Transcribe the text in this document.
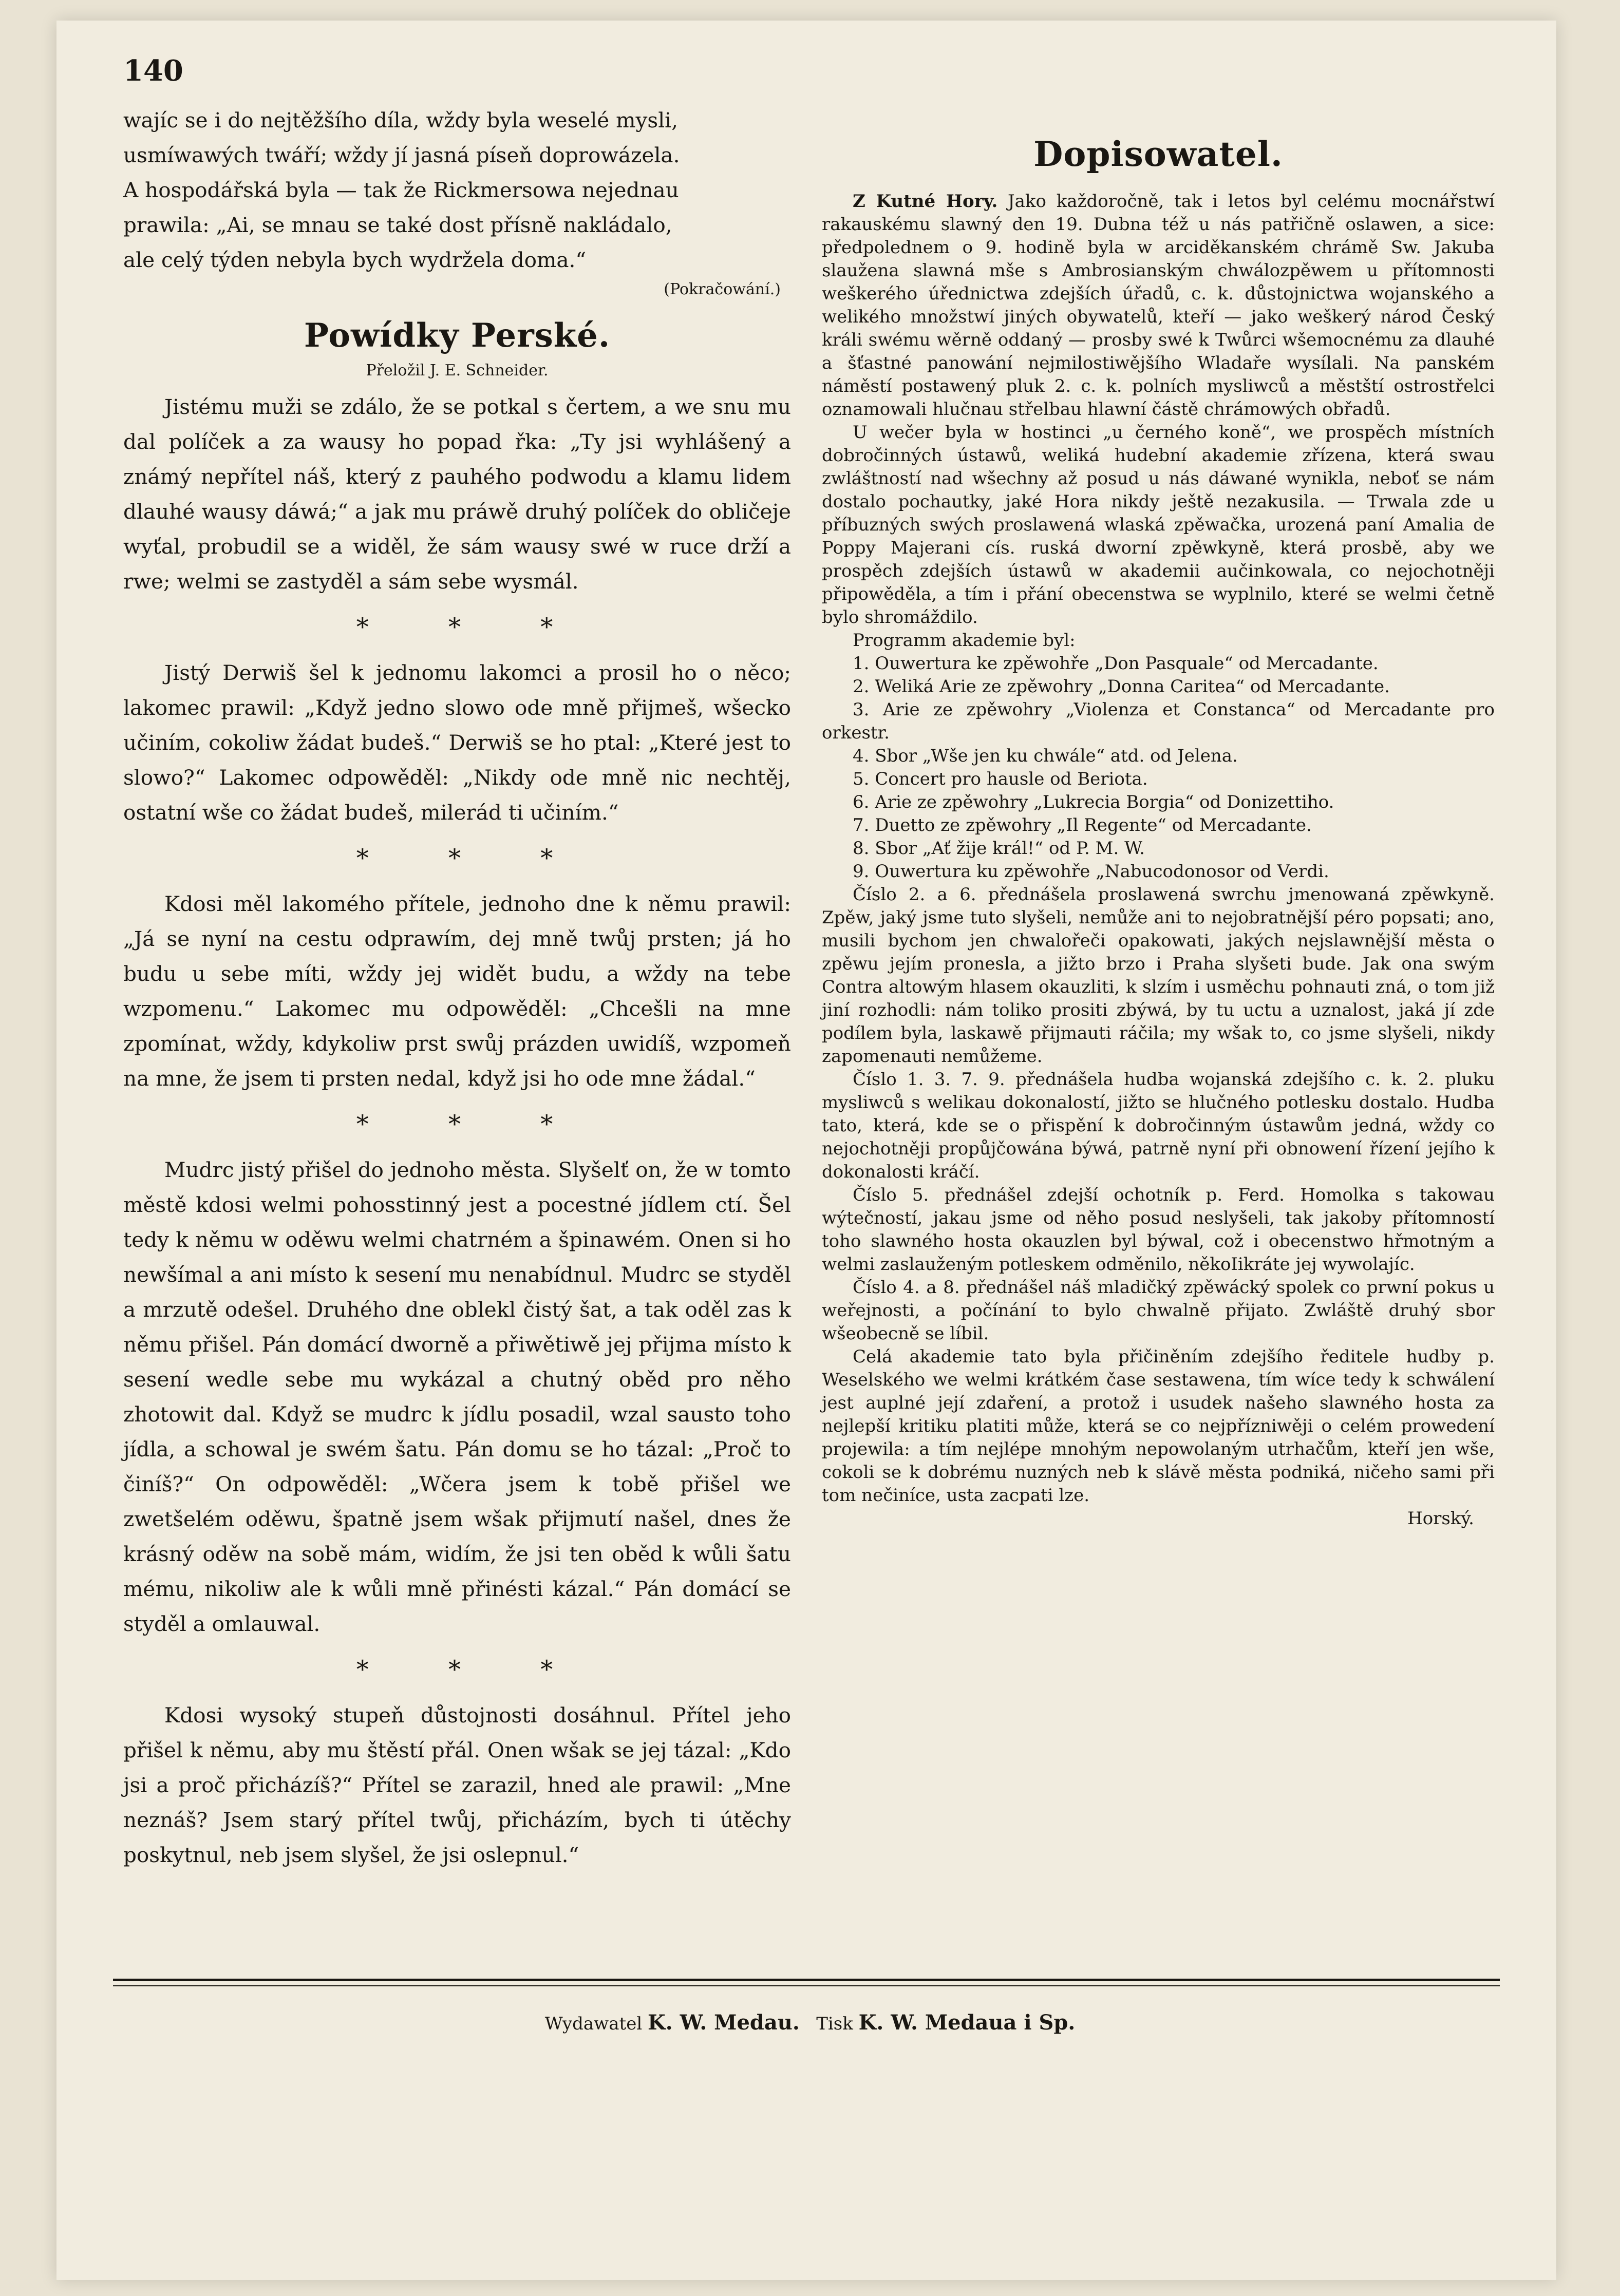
140

wajíc se i do nejtěžšího díla, wždy byla weselé mysli,

usmíwawých twáří; wždy jí jasná píseň doprowázela.

A hospodářská byla — tak že Rickmersowa nejednau

prawila: „Ai, se mnau se také dost přísně nakládalo,

ale celý týden nebyla bych wydržela doma.“

(Pokračowání.)
Powídky Perské.
Přeložil J. E. Schneider.

Jistému muži se zdálo, že se potkal s čertem, a we snu mu dal políček a za wausy ho popad řka: „Ty jsi wyhlášený a známý nepřítel náš, který z pauhého podwodu a klamu lidem dlauhé wausy dáwá;“ a jak mu práwě druhý políček do obličeje wyťal, probudil se a widěl, že sám wausy swé w ruce drží a rwe; welmi se zastyděl a sám sebe wysmál.

* * *

Jistý Derwiš šel k jednomu lakomci a prosil ho o něco; lakomec prawil: „Když jedno slowo ode mně přijmeš, wšecko učiním, cokoliw žádat budeš.“ Derwiš se ho ptal: „Které jest to slowo?“ Lakomec odpowěděl: „Nikdy ode mně nic nechtěj, ostatní wše co žádat budeš, milerád ti učiním.“

* * *

Kdosi měl lakomého přítele, jednoho dne k němu prawil: „Já se nyní na cestu odprawím, dej mně twůj prsten; já ho budu u sebe míti, wždy jej widět budu, a wždy na tebe wzpomenu.“ Lakomec mu odpowěděl: „Chcešli na mne zpomínat, wždy, kdykoliw prst swůj prázden uwidíš, wzpomeň na mne, že jsem ti prsten nedal, když jsi ho ode mne žádal.“

* * *

Mudrc jistý přišel do jednoho města. Slyšelť on, že w tomto městě kdosi welmi pohosstinný jest a pocestné jídlem ctí. Šel tedy k němu w oděwu welmi chatrném a špinawém. Onen si ho newšímal a ani místo k sesení mu nenabídnul. Mudrc se styděl a mrzutě odešel. Druhého dne oblekl čistý šat, a tak oděl zas k němu přišel. Pán domácí dworně a přiwětiwě jej přijma místo k sesení wedle sebe mu wykázal a chutný oběd pro něho zhotowit dal. Když se mudrc k jídlu posadil, wzal sausto toho jídla, a schowal je swém šatu. Pán domu se ho tázal: „Proč to činíš?“ On odpowěděl: „Wčera jsem k tobě přišel we zwetšelém oděwu, špatně jsem wšak přijmutí našel, dnes že krásný oděw na sobě mám, widím, že jsi ten oběd k wůli šatu mému, nikoliw ale k wůli mně přinésti kázal.“ Pán domácí se styděl a omlauwal.

* * *

Kdosi wysoký stupeň důstojnosti dosáhnul. Přítel jeho přišel k němu, aby mu štěstí přál. Onen wšak se jej tázal: „Kdo jsi a proč přicházíš?“ Přítel se zarazil, hned ale prawil: „Mne neznáš? Jsem starý přítel twůj, přicházím, bych ti útěchy poskytnul, neb jsem slyšel, že jsi oslepnul.“

Dopisowatel.

Z Kutné Hory. Jako každoročně, tak i letos byl celému mocnářstwí rakauskému slawný den 19. Dubna též u nás patřičně oslawen, a sice: předpolednem o 9. hodině byla w arciděkanském chrámě Sw. Jakuba slauženа slawná mše s Ambrosianským chwálozpěwem u přítomnosti weškerého úřednictwa zdejších úřadů, c. k. důstojnictwa wojanského a welikého množstwí jiných obywatelů, kteří — jako weškerý národ Český králi swému wěrně oddaný — prosby swé k Twůrci wšemocnému za dlauhé a šťastné panowání nejmilostiwějšího Wladaře wysílali. Na panském náměstí postawený pluk 2. c. k. polních mysliwců a městští ostrostřelci oznamowali hlučnau střelbau hlawní částě chrámowých obřadů.

U wečer byla w hostinci „u černého koně“, we prospěch místních dobročinných ústawů, weliká hudební akademie zřízena, která swau zwláštností nad wšechny až posud u nás dáwané wynikla, neboť se nám dostalo pochautky, jaké Hora nikdy ještě nezakusila. — Trwala zde u příbuzných swých proslawená wlaská zpěwačka, urozená paní Amalia de Poppy Majerani cís. ruská dworní zpěwkyně, která prosbě, aby we prospěch zdejších ústawů w akademii aučinkowala, co nejochotněji připowěděla, a tím i přání obecenstwa se wyplnilo, které se welmi četně bylo shromáždilo.

Programm akademie byl:

1. Ouwertura ke zpěwohře „Don Pasquale“ od Mercadante.
2. Weliká Arie ze zpěwohry „Donna Caritea“ od Mercadante.
3. Arie ze zpěwohry „Violenza et Constanca“ od Mercadante pro orkestr.
4. Sbor „Wše jen ku chwále“ atd. od Jelena.
5. Concert pro hausle od Beriota.
6. Arie ze zpěwohry „Lukrecia Borgia“ od Donizettiho.
7. Duetto ze zpěwohry „Il Regente“ od Mercadante.
8. Sbor „Ať žije král!“ od P. M. W.
9. Ouwertura ku zpěwohře „Nabucodonosor od Verdi.

Číslo 2. a 6. přednášela proslawená swrchu jmenowaná zpěwkyně. Zpěw, jaký jsme tuto slyšeli, nemůže ani to nejobratnější péro popsati; ano, musili bychom jen chwalořeči opakowati, jakých nejslawnější města o zpěwu jejím pronesla, a jižto brzo i Praha slyšeti bude. Jak ona swým Contra altowým hlasem okauzliti, k slzím i usměchu pohnauti zná, o tom již jiní rozhodli: nám toliko prositi zbýwá, by tu uctu a uznalost, jaká jí zde podílem byla, laskawě přijmauti ráčila; my wšak to, co jsme slyšeli, nikdy zapomenauti nemůžeme.

Číslo 1. 3. 7. 9. přednášela hudba wojanská zdejšího c. k. 2. pluku mysliwců s welikau dokonalostí, jižto se hlučného potlesku dostalo. Hudba tato, která, kde se o přispění k dobročinným ústawům jedná, wždy co nejochotněji propůjčowána býwá, patrně nyní při obnowení řízení jejího k dokonalosti kráčí.

Číslo 5. přednášel zdejší ochotník p. Ferd. Homolka s takowau wýtečností, jakau jsme od něho posud neslyšeli, tak jakoby přítomností toho slawného hosta okauzlen byl býwal, což i obecenstwo hřmotným a welmi zaslauženým potleskem odměnilo, někoIikráte jej wywolajíc.

Číslo 4. a 8. přednášel náš mladičký zpěwácký spolek co prwní pokus u weřejnosti, a počínání to bylo chwalně přijato. Zwláště druhý sbor wšeobecně se líbil.

Celá akademie tato byla přičiněním zdejšího ředitele hudby p. Weselského we welmi krátkém čase sestawena, tím wíce tedy k schwálení jest auplné její zdaření, a protož i usudek našeho slawného hosta za nejlepší kritiku platiti může, která se co nejpřízniwěji o celém prowedení projewila: a tím nejlépe mnohým nepowolaným utrhačům, kteří jen wše, cokoli se k dobrému nuzných neb k slávě města podniká, ničeho sami při tom nečiníce, usta zacpati lze.

Horský.
Wydawatel K. W. Medau. Tisk K. W. Medaua i Sp.
